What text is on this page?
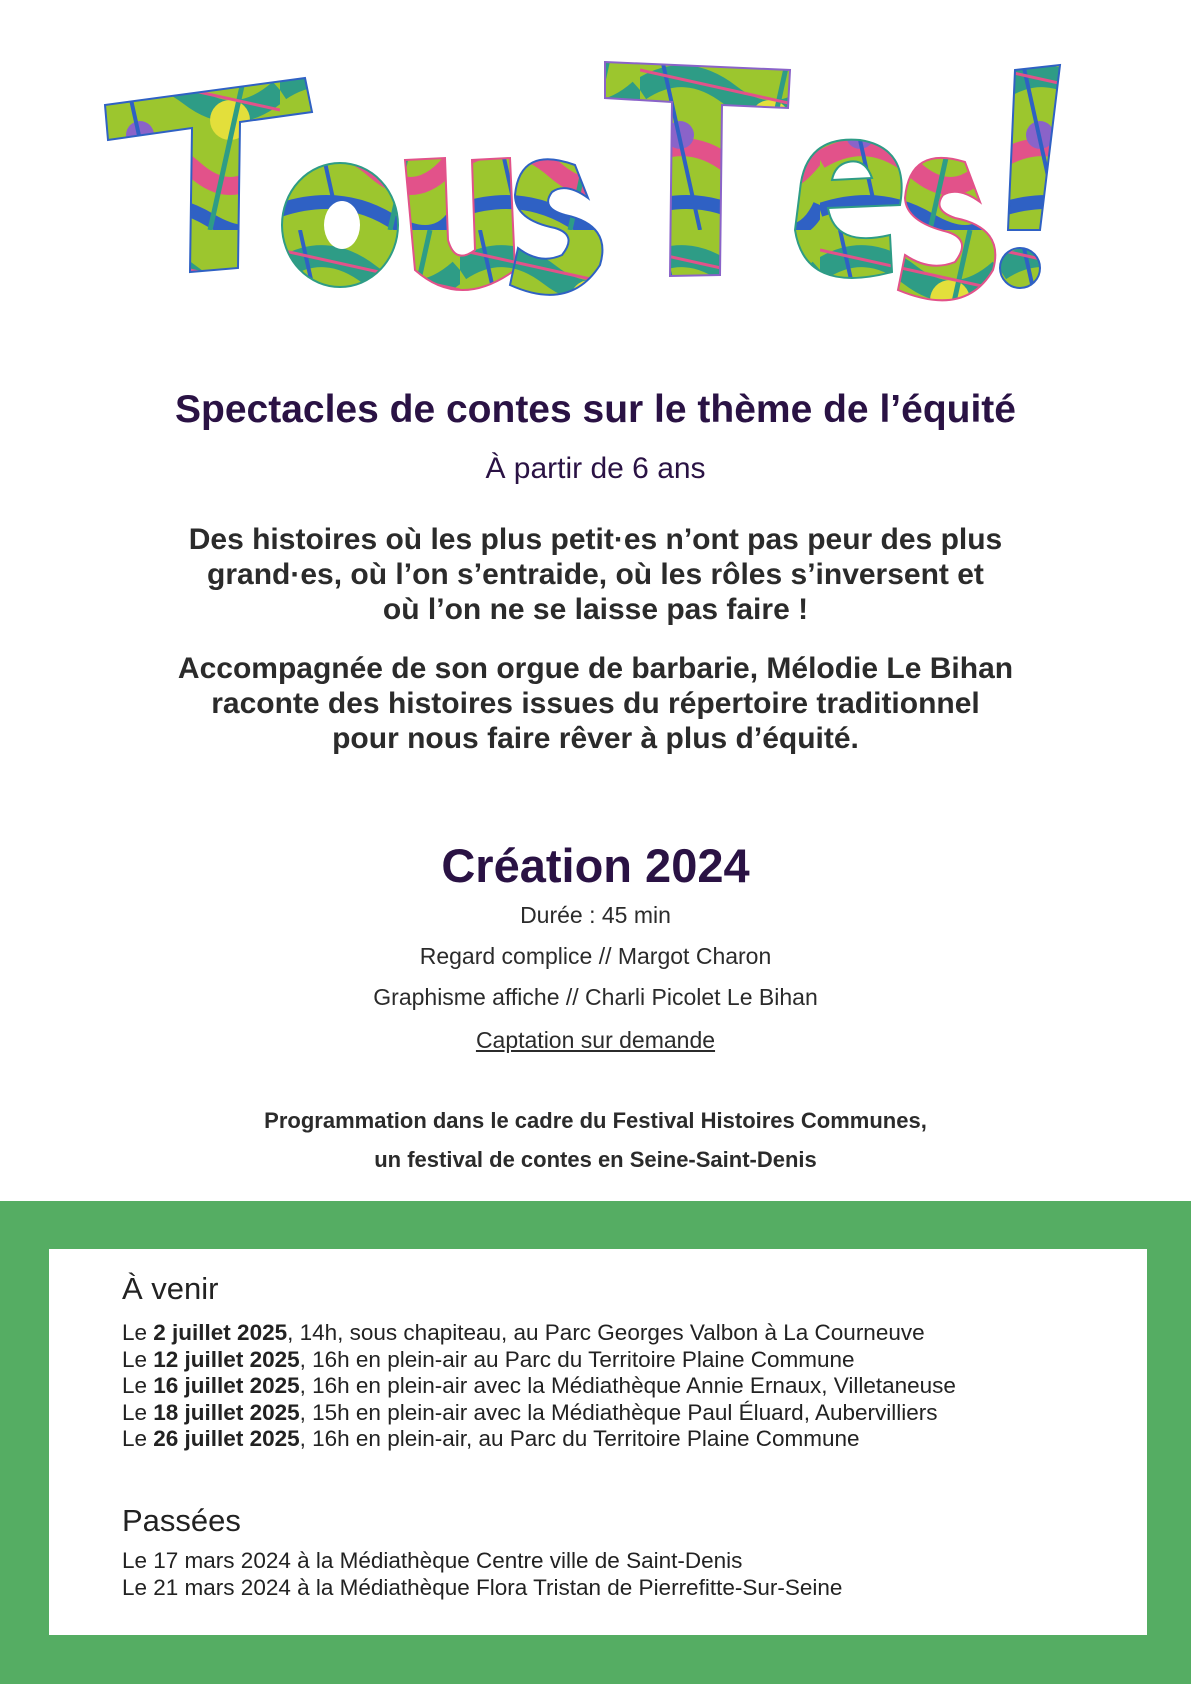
Spectacles de contes sur le thème de l’équité
À partir de 6 ans
Des histoires où les plus petit·es n’ont pas peur des plus
grand·es, où l’on s’entraide, où les rôles s’inversent et
où l’on ne se laisse pas faire !
Accompagnée de son orgue de barbarie, Mélodie Le Bihan
raconte des histoires issues du répertoire traditionnel
pour nous faire rêver à plus d’équité.
Création 2024
Durée : 45 min
Regard complice // Margot Charon
Graphisme affiche // Charli Picolet Le Bihan
Captation sur demande
Programmation dans le cadre du Festival Histoires Communes,
un festival de contes en Seine-Saint-Denis
À venir
Le 2 juillet 2025, 14h, sous chapiteau, au Parc Georges Valbon à La Courneuve
Le 12 juillet 2025, 16h en plein-air au Parc du Territoire Plaine Commune
Le 16 juillet 2025, 16h en plein-air avec la Médiathèque Annie Ernaux, Villetaneuse
Le 18 juillet 2025, 15h en plein-air avec la Médiathèque Paul Éluard, Aubervilliers
Le 26 juillet 2025, 16h en plein-air, au Parc du Territoire Plaine Commune
Passées
Le 17 mars 2024 à la Médiathèque Centre ville de Saint-Denis
Le 21 mars 2024 à la Médiathèque Flora Tristan de Pierrefitte-Sur-Seine
